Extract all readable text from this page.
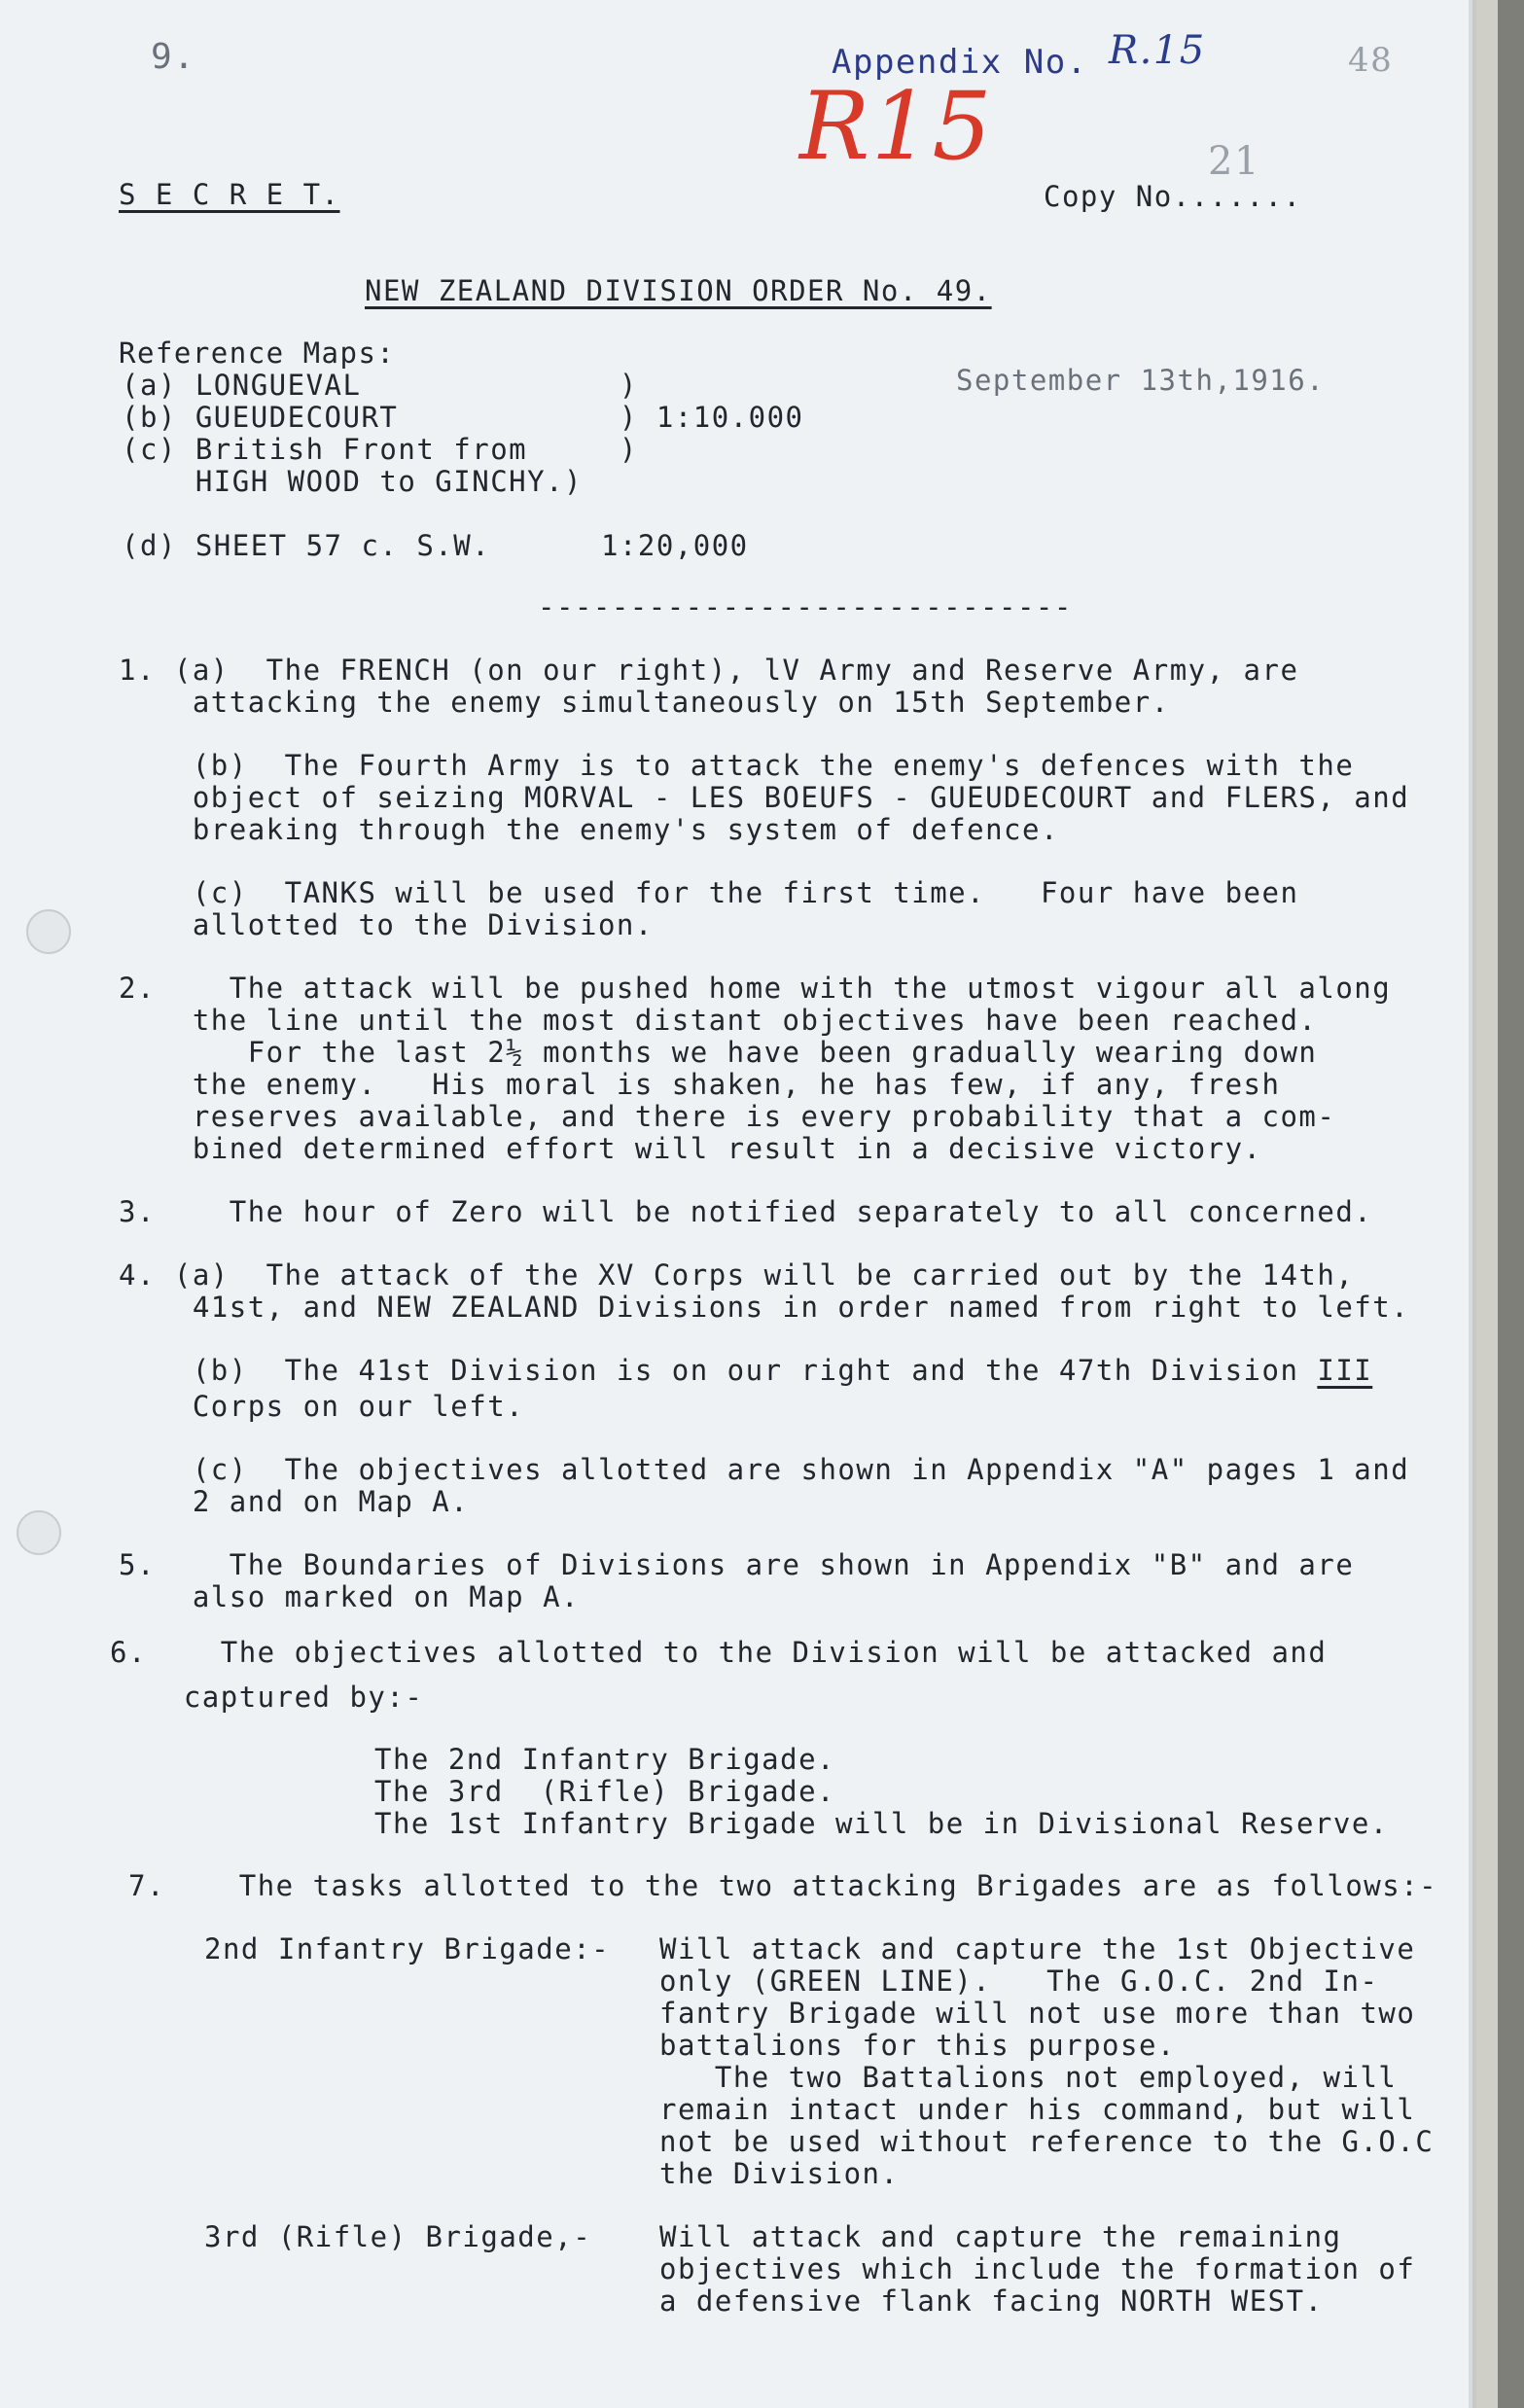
9.	Appendix No. R.15
R15
48
S E C R E T.	Copy No.......
21
NEW ZEALAND DIVISION ORDER No. 49.
Reference Maps:
(a) LONGUEVAL              )
(b) GUEUDECOURT            ) 1:10.000
(c) British Front from     )
HIGH WOOD to GINCHY.)
September 13th,1916.
(d) SHEET 57 c. S.W.      1:20,000
-----------------------------
1. (a)  The FRENCH (on our right), lV Army and Reserve Army, are
attacking the enemy simultaneously on 15th September.
(b)  The Fourth Army is to attack the enemy's defences with the
object of seizing MORVAL - LES BOEUFS - GUEUDECOURT and FLERS, and
breaking through the enemy's system of defence.
(c)  TANKS will be used for the first time.   Four have been
allotted to the Division.
2.    The attack will be pushed home with the utmost vigour all along
the line until the most distant objectives have been reached.
For the last 2½ months we have been gradually wearing down
the enemy.   His moral is shaken, he has few, if any, fresh
reserves available, and there is every probability that a com-
bined determined effort will result in a decisive victory.
3.    The hour of Zero will be notified separately to all concerned.
4. (a)  The attack of the XV Corps will be carried out by the 14th,
41st, and NEW ZEALAND Divisions in order named from right to left.
(b)  The 41st Division is on our right and the 47th Division III
Corps on our left.
(c)  The objectives allotted are shown in Appendix "A" pages 1 and
2 and on Map A.
5.    The Boundaries of Divisions are shown in Appendix "B" and are
also marked on Map A.
6.    The objectives allotted to the Division will be attacked and
captured by:-
The 2nd Infantry Brigade.
The 3rd  (Rifle) Brigade.
The 1st Infantry Brigade will be in Divisional Reserve.
7.    The tasks allotted to the two attacking Brigades are as follows:-
2nd Infantry Brigade:- Will attack and capture the 1st Objective
only (GREEN LINE).   The G.O.C. 2nd In-
fantry Brigade will not use more than two
battalions for this purpose.
The two Battalions not employed, will
remain intact under his command, but will
not be used without reference to the G.O.C
the Division.
3rd (Rifle) Brigade,- Will attack and capture the remaining
objectives which include the formation of
a defensive flank facing NORTH WEST.
